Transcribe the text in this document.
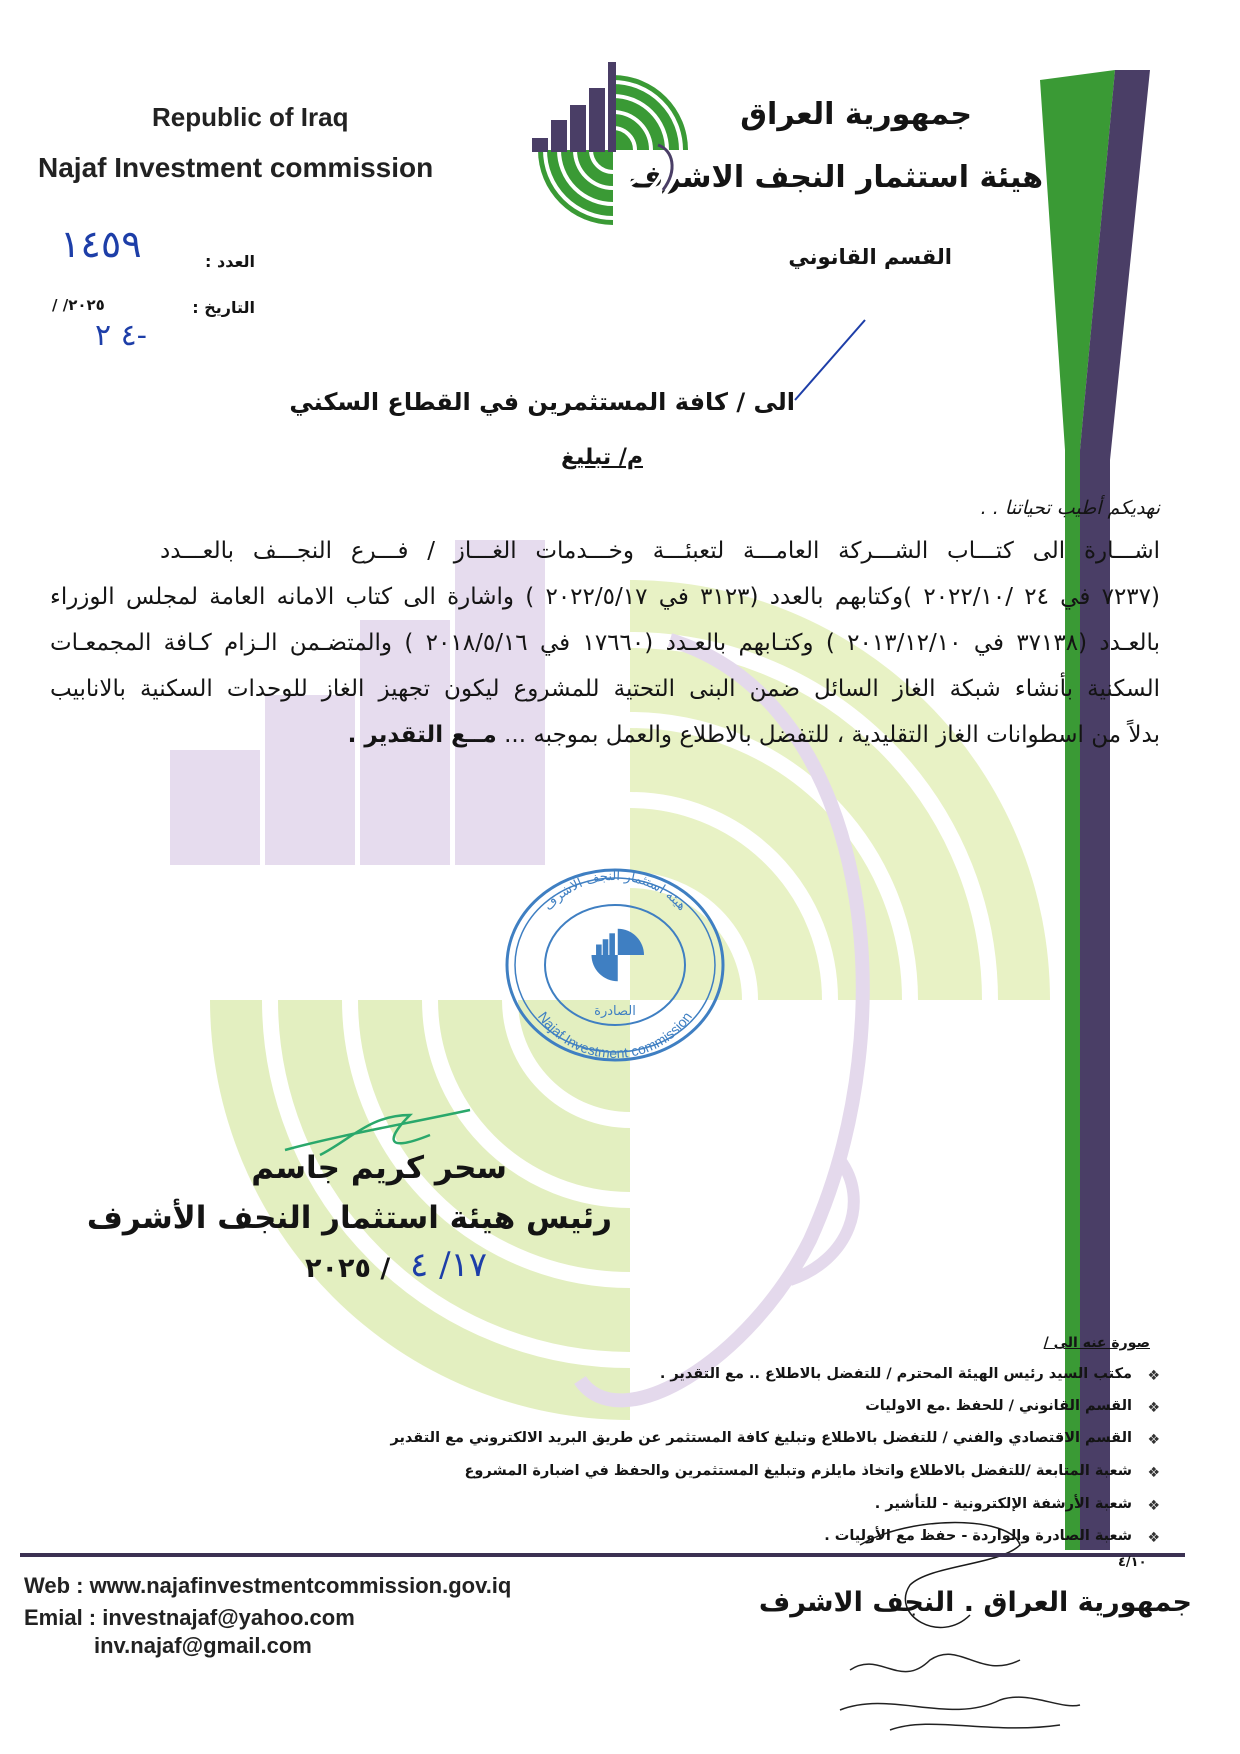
Republic of Iraq
Najaf Investment commission
جمهورية العراق
هيئة استثمار النجف الاشرف
القسم القانوني
العدد :
١٤٥٩
التاريخ :
/ /٢٠٢٥
٤ ٢-
الى / كافة المستثمرين في القطاع السكني
م/ تبليغ
نهديكم أطيب تحياتنا . .
اشـــارة الى كتـــاب الشـــركة العامـــة لتعبئـــة وخـــدمات الغـــاز / فـــرع النجـــف بالعـــدد
(٧٢٣٧ في ٢٤ /٢٠٢٢/١٠ )وكتابهم بالعدد (٣١٢٣ في ٢٠٢٢/٥/١٧ ) واشارة الى كتاب الامانه العامة لمجلس الوزراء
بالعـدد (٣٧١٣٨ في ٢٠١٣/١٢/١٠ ) وكتـابهم بالعـدد (١٧٦٦٠ في ٢٠١٨/٥/١٦ ) والمتضـمن الـزام كـافة المجمعـات
السكنية بأنشاء شبكة الغاز السائل ضمن البنى التحتية للمشروع ليكون تجهيز الغاز للوحدات السكنية بالانابيب
بدلاً من اسطوانات الغاز التقليدية ، للتفضل بالاطلاع والعمل بموجبه ... مــع التقدير .
هيئة استثمار النجف الاشرف
Najaf Investment commission
الصادرة
سحر كريم جاسم
رئيس هيئة استثمار النجف الأشرف
/ ٢٠٢٥ ١٧/ ٤
صورة عنه الى /
❖
مكتب السيد رئيس الهيئة المحترم / للتفضل بالاطلاع .. مع التقدير .
❖
القسم القانوني / للحفظ .مع الاوليات
❖
القسم الاقتصادي والفني / للتفضل بالاطلاع وتبليغ كافة المستثمر عن طريق البريد الالكتروني مع التقدير
❖
شعبة المتابعة /للتفضل بالاطلاع واتخاذ مايلزم وتبليغ المستثمرين والحفظ في اضبارة المشروع
❖
شعبة الأرشفة الإلكترونية - للتأشير .
❖
شعبة الصادرة والواردة - حفظ مع الأوليات .
Web : www.najafinvestmentcommission.gov.iq
Emial : investnajaf@yahoo.com
inv.najaf@gmail.com
٤/١٠
جمهورية العراق . النجف الاشرف
